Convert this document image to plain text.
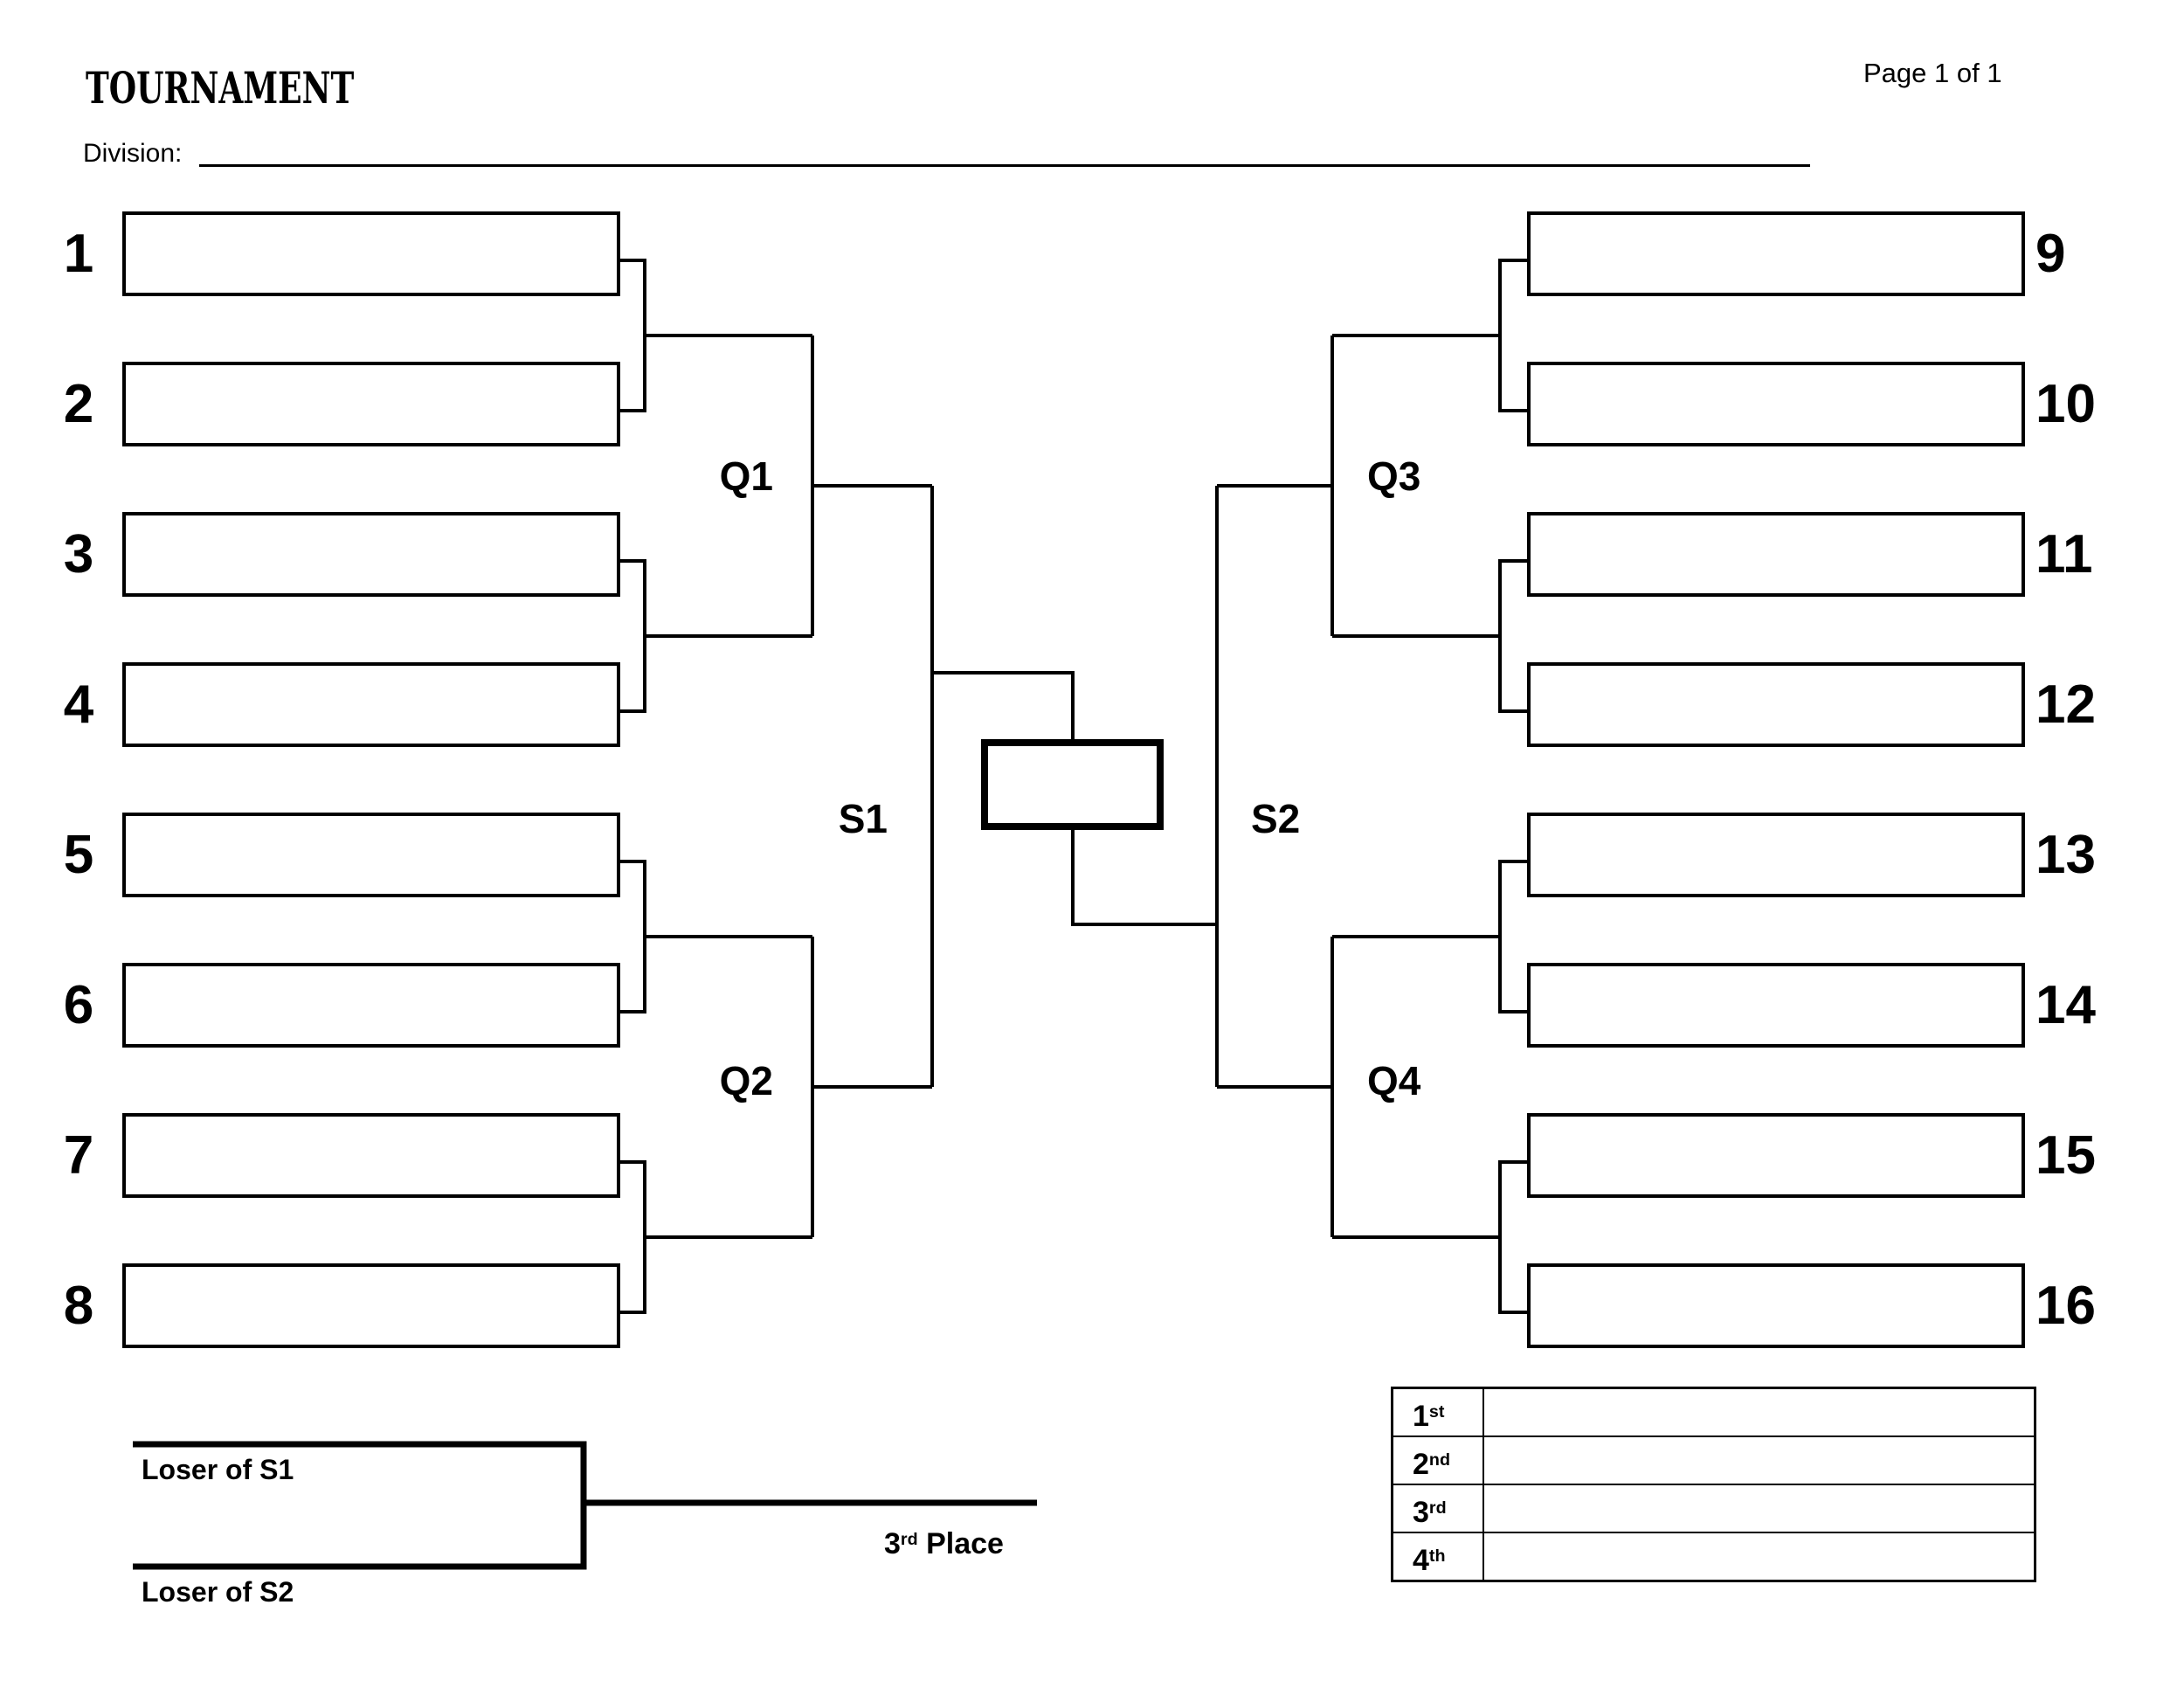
TOURNAMENT	Page 1 of 1
Division:
1	9
2	10
3	11
4	12
5	13
6	14
7	15
8	16
Q1
Q2
Q3
Q4
S1	S2
Loser of S1
Loser of S2
3rd Place
1st
2nd
3rd
4th
